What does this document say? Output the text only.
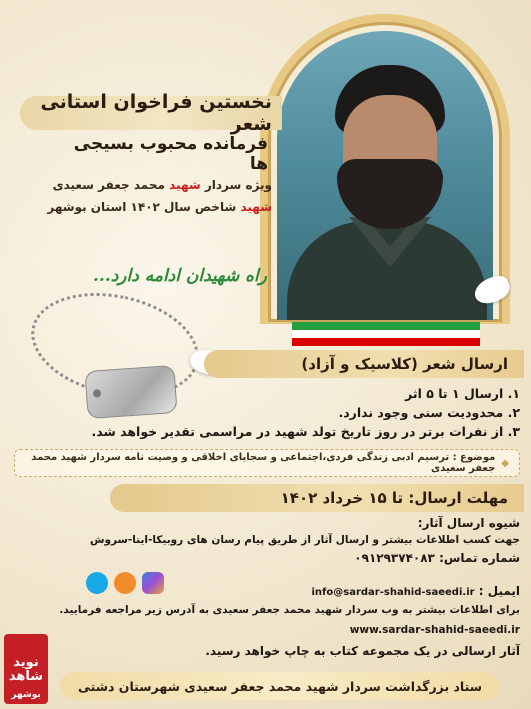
نخستین فراخوان استانی شعر
فرمانده محبوب بسیجی ها
ویژه سردار شهید محمد جعفر سعیدی
شهید شاخص سال ۱۴۰۲ استان بوشهر
راه شهیدان ادامه دارد...
ارسال شعر (کلاسیک و آزاد)

۱. ارسال ۱ تا ۵ اثر

۲. محدودیت سنی وجود ندارد.

۳. از نفرات برتر در روز تاریخ تولد شهید در مراسمی تقدیر خواهد شد.

◆
موضوع : ترسیم ادبی زندگی فردی،اجتماعی و سجایای اخلاقی و وصیت نامه سردار شهید محمد جعفر سعیدی
مهلت ارسال: تا ۱۵ خرداد ۱۴۰۲
شیوه ارسال آثار:
جهت کسب اطلاعات بیشتر و ارسال آثار از طریق پیام رسان های روبیکا-ایتا-سروش
شماره تماس: ۰۹۱۲۹۳۷۴۰۸۳
ایمیل : info@sardar-shahid-saeedi.ir
برای اطلاعات بیشتر به وب سردار شهید محمد جعفر سعیدی به آدرس زیر مراجعه فرمایید.
www.sardar-shahid-saeedi.ir
آثار ارسالی در یک مجموعه کتاب به چاپ خواهد رسید.
ستاد بزرگداشت سردار شهید محمد جعفر سعیدی شهرستان دشتی
نوید شاهد
بوشهر
